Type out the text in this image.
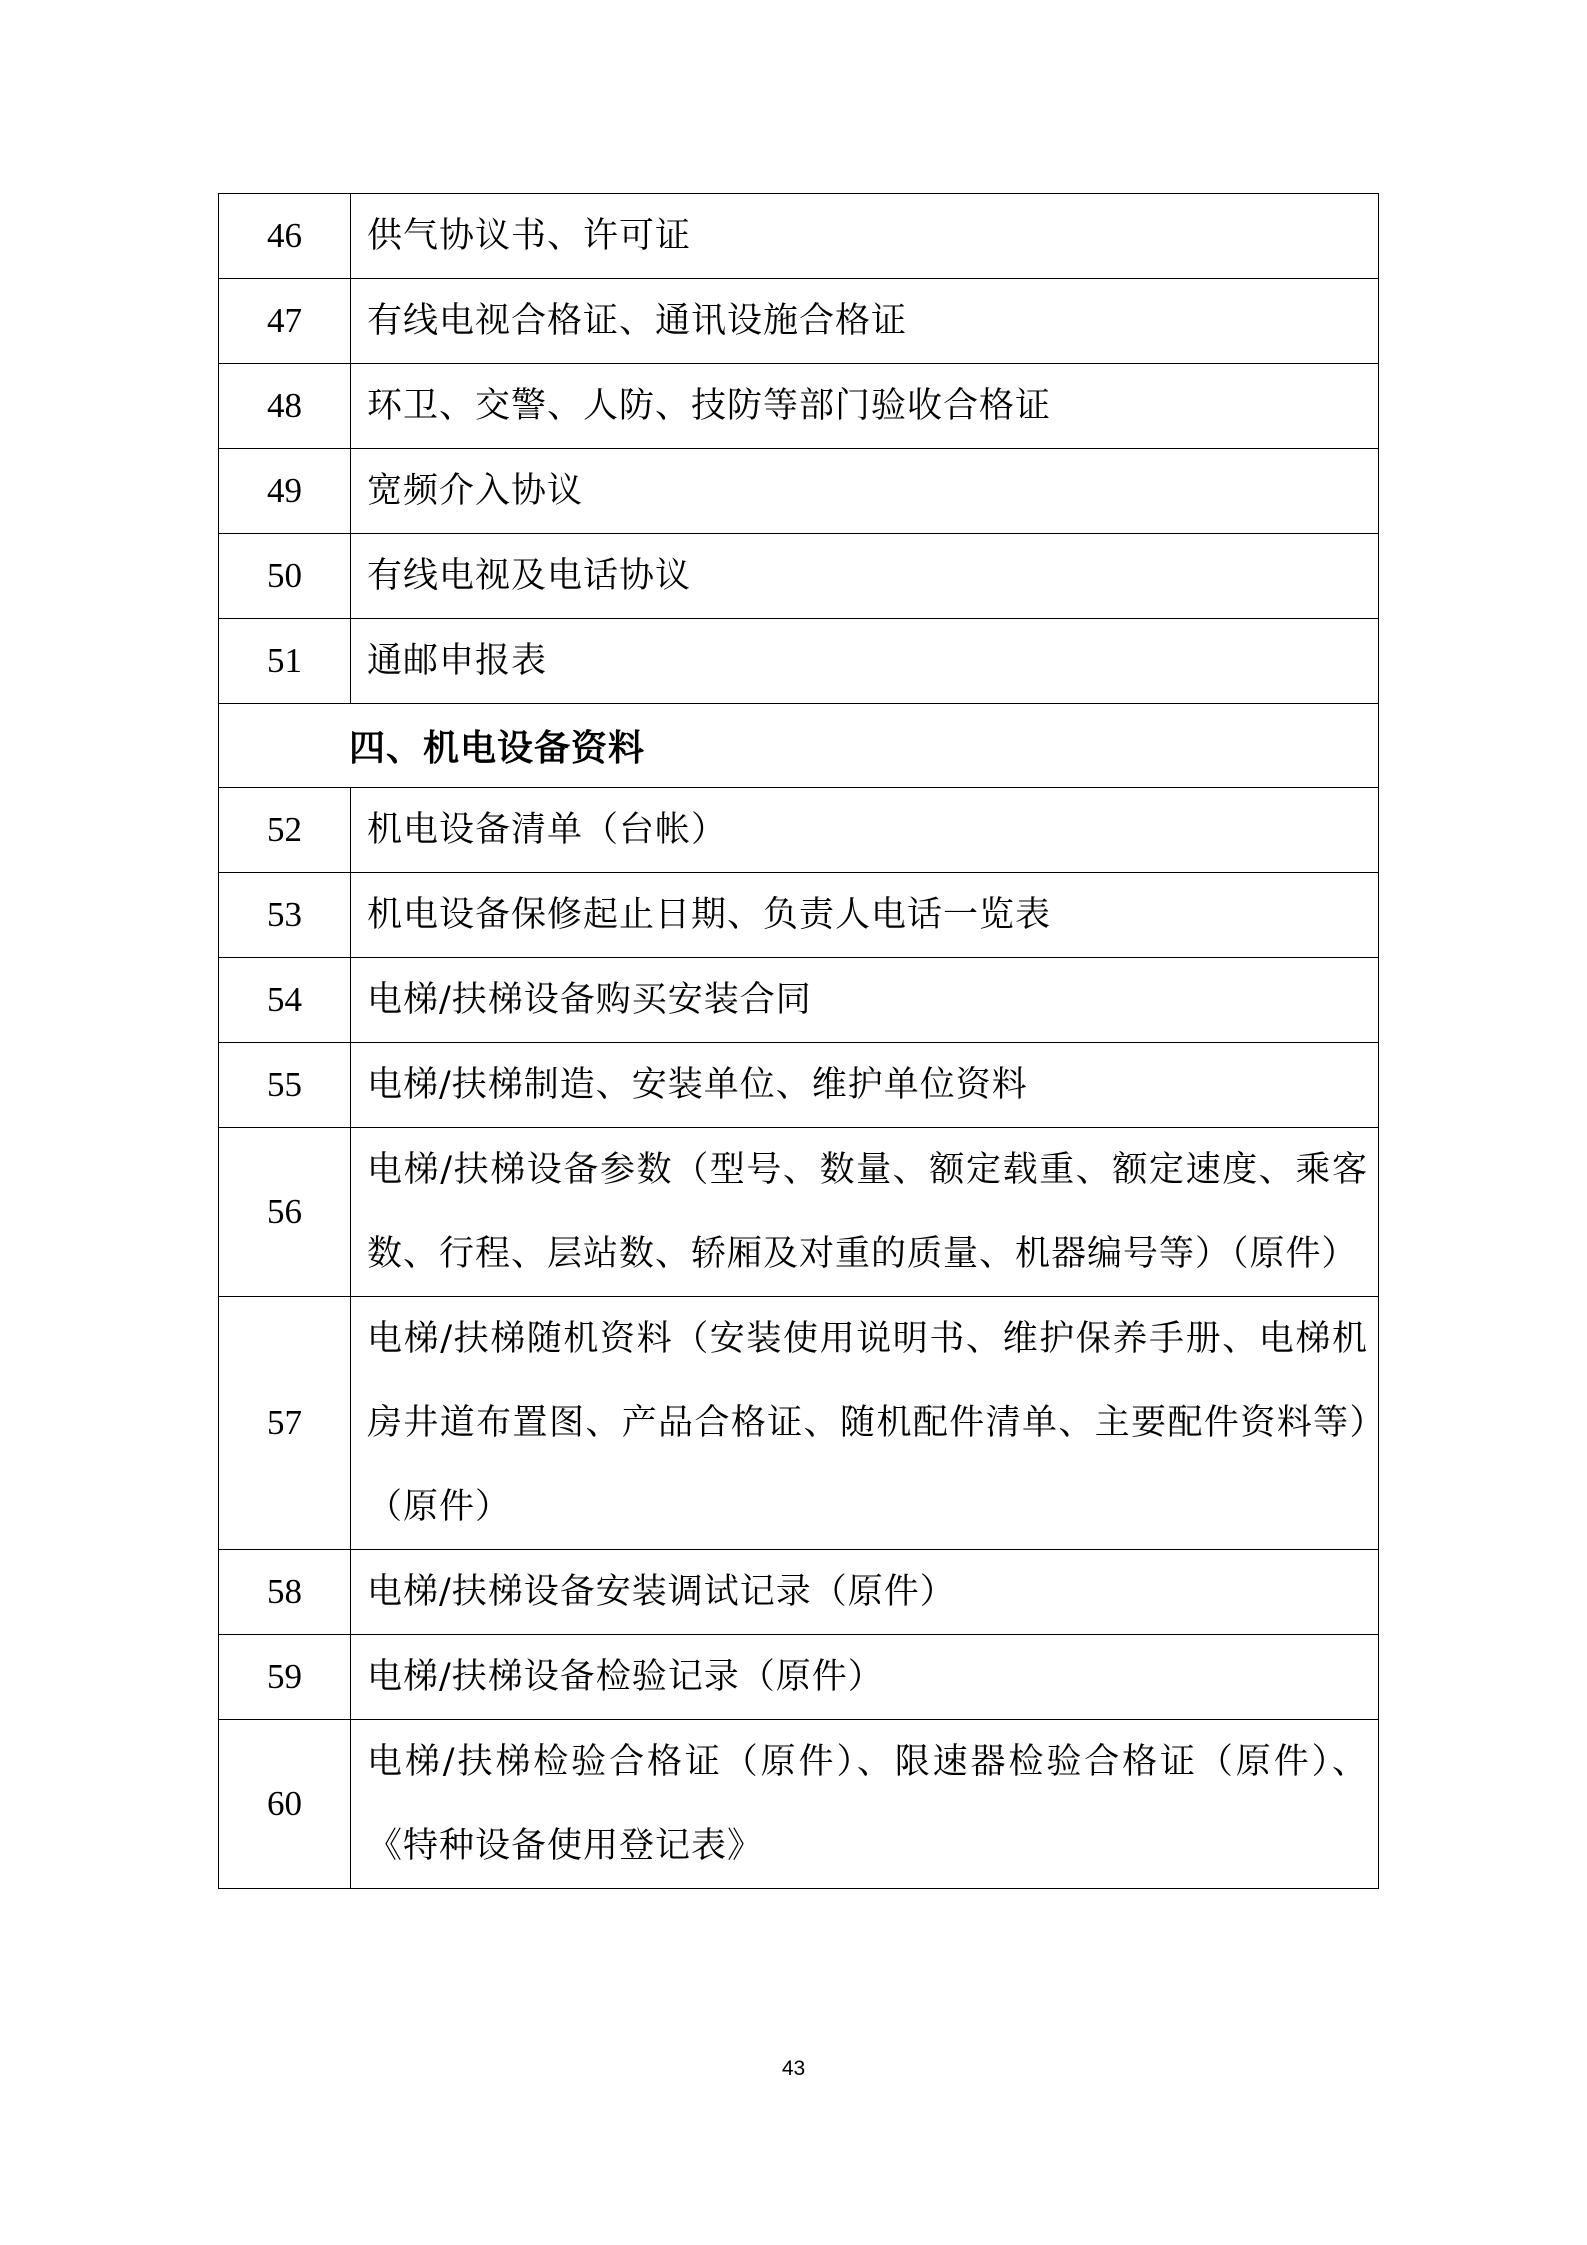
46	供气协议书、许可证
47	有线电视合格证、通讯设施合格证
48	环卫、交警、人防、技防等部门验收合格证
49	宽频介入协议
50	有线电视及电话协议
51	通邮申报表
四、机电设备资料	
52	机电设备清单（台帐）
53	机电设备保修起止日期、负责人电话一览表
54	电梯/扶梯设备购买安装合同
55	电梯/扶梯制造、安装单位、维护单位资料
56	电梯/扶梯设备参数（型号、数量、额定载重、额定速度、乘客数、行程、层站数、轿厢及对重的质量、机器编号等）（原件）
57	电梯/扶梯随机资料（安装使用说明书、维护保养手册、电梯机房井道布置图、产品合格证、随机配件清单、主要配件资料等）（原件）
58	电梯/扶梯设备安装调试记录（原件）
59	电梯/扶梯设备检验记录（原件）
60	电梯/扶梯检验合格证（原件）、限速器检验合格证（原件）、《特种设备使用登记表》
43
